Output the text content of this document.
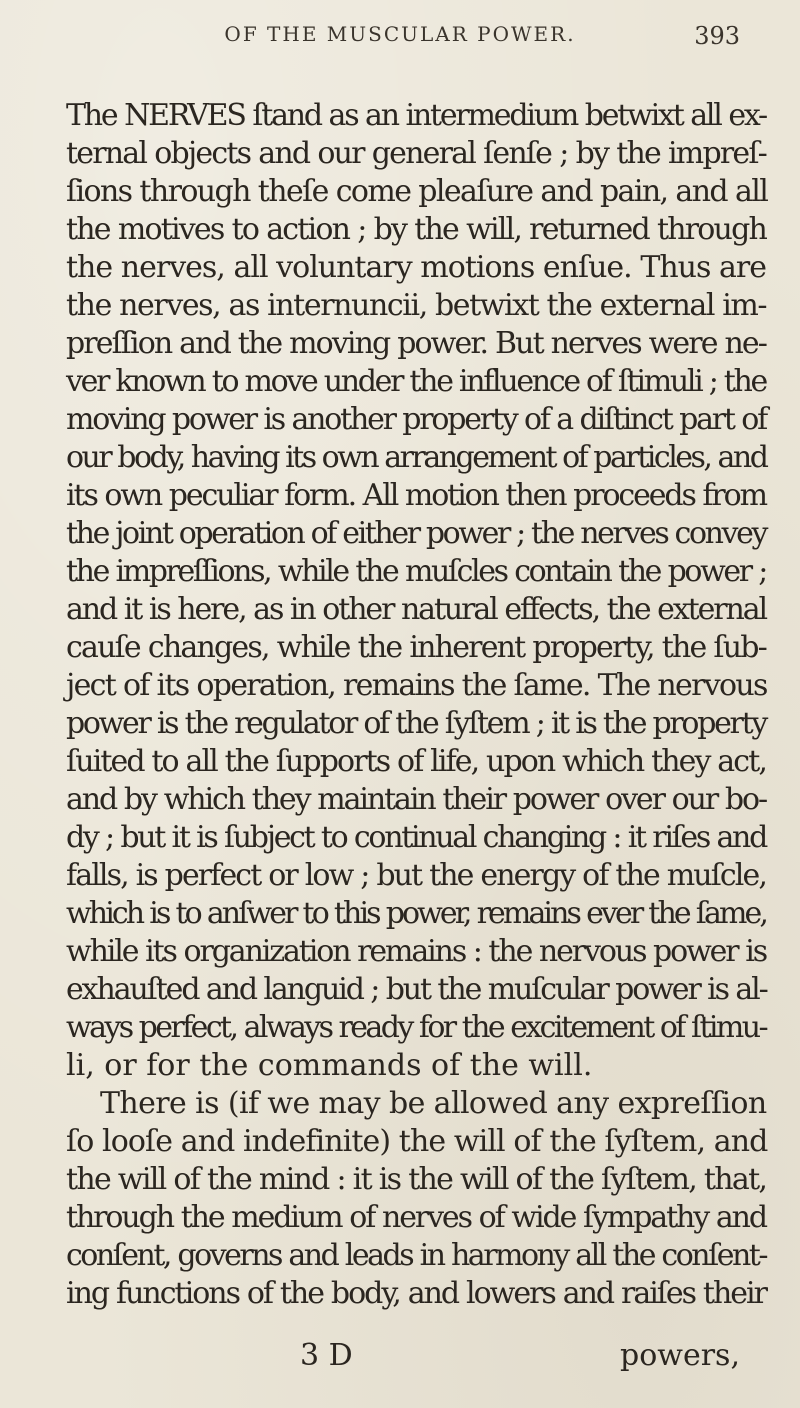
OF THE MUSCULAR POWER.	393
The NERVES ſtand as an intermedium betwixt all ex-
ternal objects and our general ſenſe ; by the impreſ-
ſions through theſe come pleaſure and pain, and all
the motives to action ; by the will, returned through
the nerves, all voluntary motions enſue. Thus are
the nerves, as internuncii, betwixt the external im-
preſſion and the moving power. But nerves were ne-
ver known to move under the influence of ſtimuli ; the
moving power is another property of a diſtinct part of
our body, having its own arrangement of particles, and
its own peculiar form. All motion then proceeds from
the joint operation of either power ; the nerves convey
the impreſſions, while the muſcles contain the power ;
and it is here, as in other natural effects, the external
cauſe changes, while the inherent property, the ſub-
ject of its operation, remains the ſame. The nervous
power is the regulator of the ſyſtem ; it is the property
ſuited to all the ſupports of life, upon which they act,
and by which they maintain their power over our bo-
dy ; but it is ſubject to continual changing : it riſes and
falls, is perfect or low ; but the energy of the muſcle,
which is to anſwer to this power, remains ever the ſame,
while its organization remains : the nervous power is
exhauſted and languid ; but the muſcular power is al-
ways perfect, always ready for the excitement of ſtimu-
li, or for the commands of the will.
There is (if we may be allowed any expreſſion
ſo looſe and indefinite) the will of the ſyſtem, and
the will of the mind : it is the will of the ſyſtem, that,
through the medium of nerves of wide ſympathy and
conſent, governs and leads in harmony all the conſent-
ing functions of the body, and lowers and raiſes their
3 D	powers,
